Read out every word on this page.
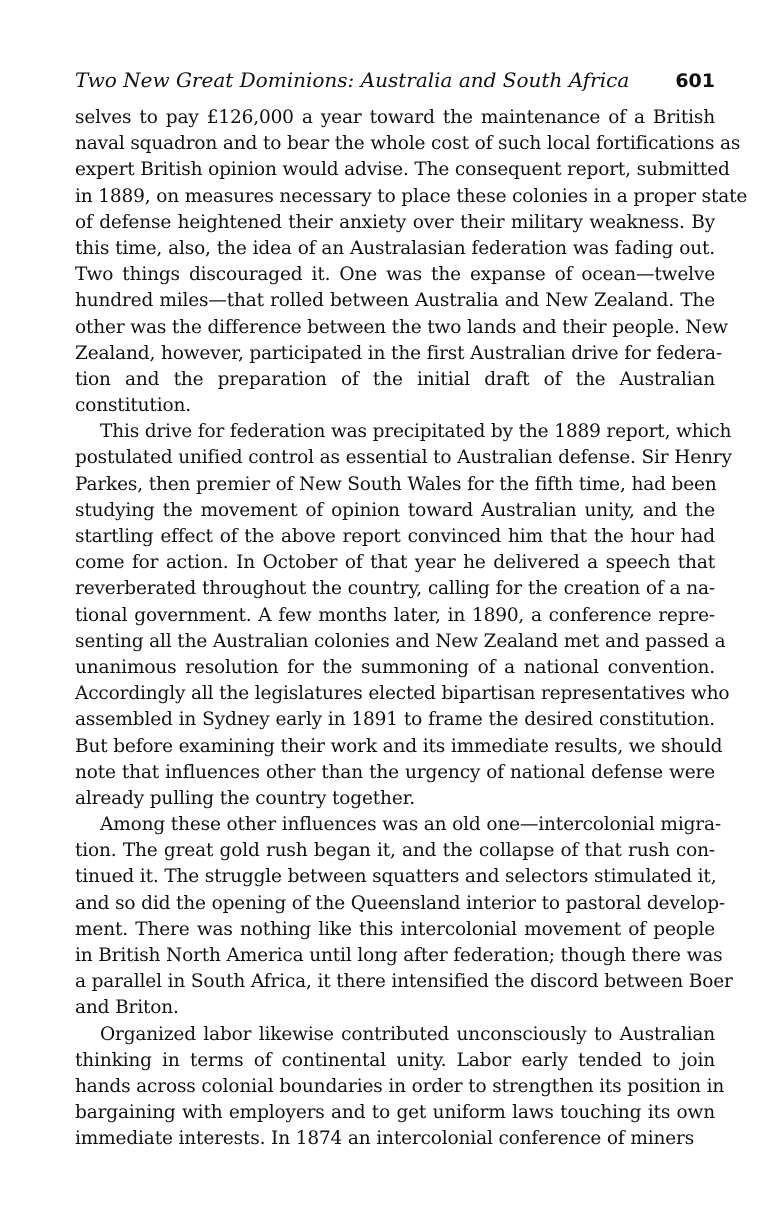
Two New Great Dominions: Australia and South Africa 601
selves to pay £126,000 a year toward the maintenance of a British
naval squadron and to bear the whole cost of such local fortifications as
expert British opinion would advise. The consequent report, submitted
in 1889, on measures necessary to place these colonies in a proper state
of defense heightened their anxiety over their military weakness. By
this time, also, the idea of an Australasian federation was fading out.
Two things discouraged it. One was the expanse of ocean—twelve
hundred miles—that rolled between Australia and New Zealand. The
other was the difference between the two lands and their people. New
Zealand, however, participated in the first Australian drive for federa-
tion and the preparation of the initial draft of the Australian
constitution.
This drive for federation was precipitated by the 1889 report, which
postulated unified control as essential to Australian defense. Sir Henry
Parkes, then premier of New South Wales for the fifth time, had been
studying the movement of opinion toward Australian unity, and the
startling effect of the above report convinced him that the hour had
come for action. In October of that year he delivered a speech that
reverberated throughout the country, calling for the creation of a na-
tional government. A few months later, in 1890, a conference repre-
senting all the Australian colonies and New Zealand met and passed a
unanimous resolution for the summoning of a national convention.
Accordingly all the legislatures elected bipartisan representatives who
assembled in Sydney early in 1891 to frame the desired constitution.
But before examining their work and its immediate results, we should
note that influences other than the urgency of national defense were
already pulling the country together.
Among these other influences was an old one—intercolonial migra-
tion. The great gold rush began it, and the collapse of that rush con-
tinued it. The struggle between squatters and selectors stimulated it,
and so did the opening of the Queensland interior to pastoral develop-
ment. There was nothing like this intercolonial movement of people
in British North America until long after federation; though there was
a parallel in South Africa, it there intensified the discord between Boer
and Briton.
Organized labor likewise contributed unconsciously to Australian
thinking in terms of continental unity. Labor early tended to join
hands across colonial boundaries in order to strengthen its position in
bargaining with employers and to get uniform laws touching its own
immediate interests. In 1874 an intercolonial conference of miners
